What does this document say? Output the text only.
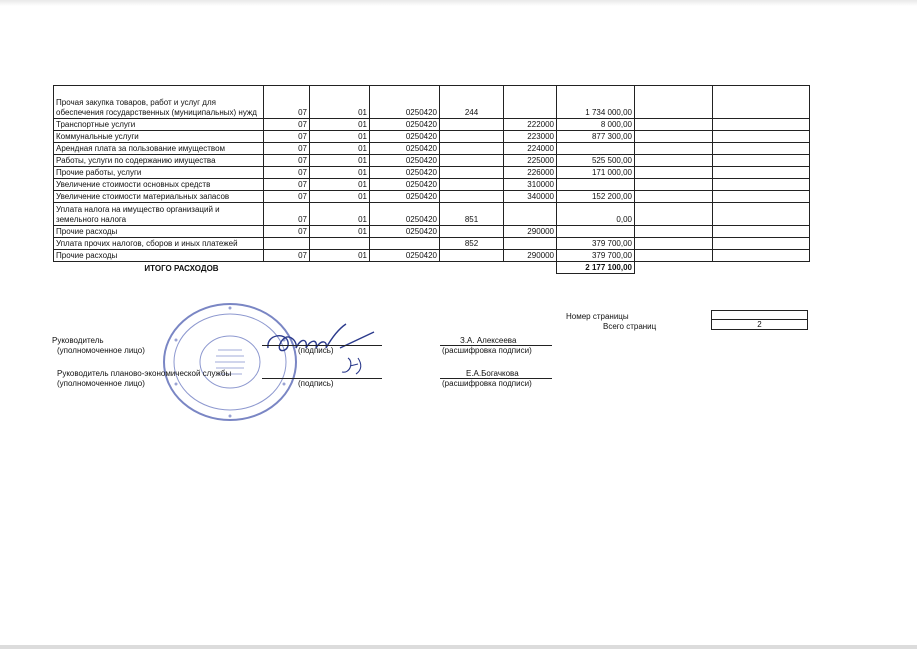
Прочая закупка товаров, работ и услуг для обеспечения государственных (муниципальных) нужд	07	01	0250420	244		1 734 000,00		
Транспортные услуги	07	01	0250420		222000	8 000,00		
Коммунальные услуги	07	01	0250420		223000	877 300,00		
Арендная плата за пользование имуществом	07	01	0250420		224000			
Работы, услуги по содержанию имущества	07	01	0250420		225000	525 500,00		
Прочие работы, услуги	07	01	0250420		226000	171 000,00		
Увеличение стоимости основных средств	07	01	0250420		310000			
Увеличение стоимости материальных запасов	07	01	0250420		340000	152 200,00		
Уплата налога на имущество организаций и земельного налога	07	01	0250420	851		0,00		
Прочие расходы	07	01	0250420		290000			
Уплата прочих налогов, сборов и иных платежей				852		379 700,00		
Прочие расходы	07	01	0250420		290000	379 700,00		
ИТОГО РАСХОДОВ						2 177 100,00		
Номер страницы
Всего страниц	2
Руководитель
(уполномоченное лицо)	(подпись)
З.А. Алексеева
(расшифровка подписи)
Руководитель планово-экономической службы
(уполномоченное лицо)	(подпись)
Е.А.Богачкова
(расшифровка подписи)
